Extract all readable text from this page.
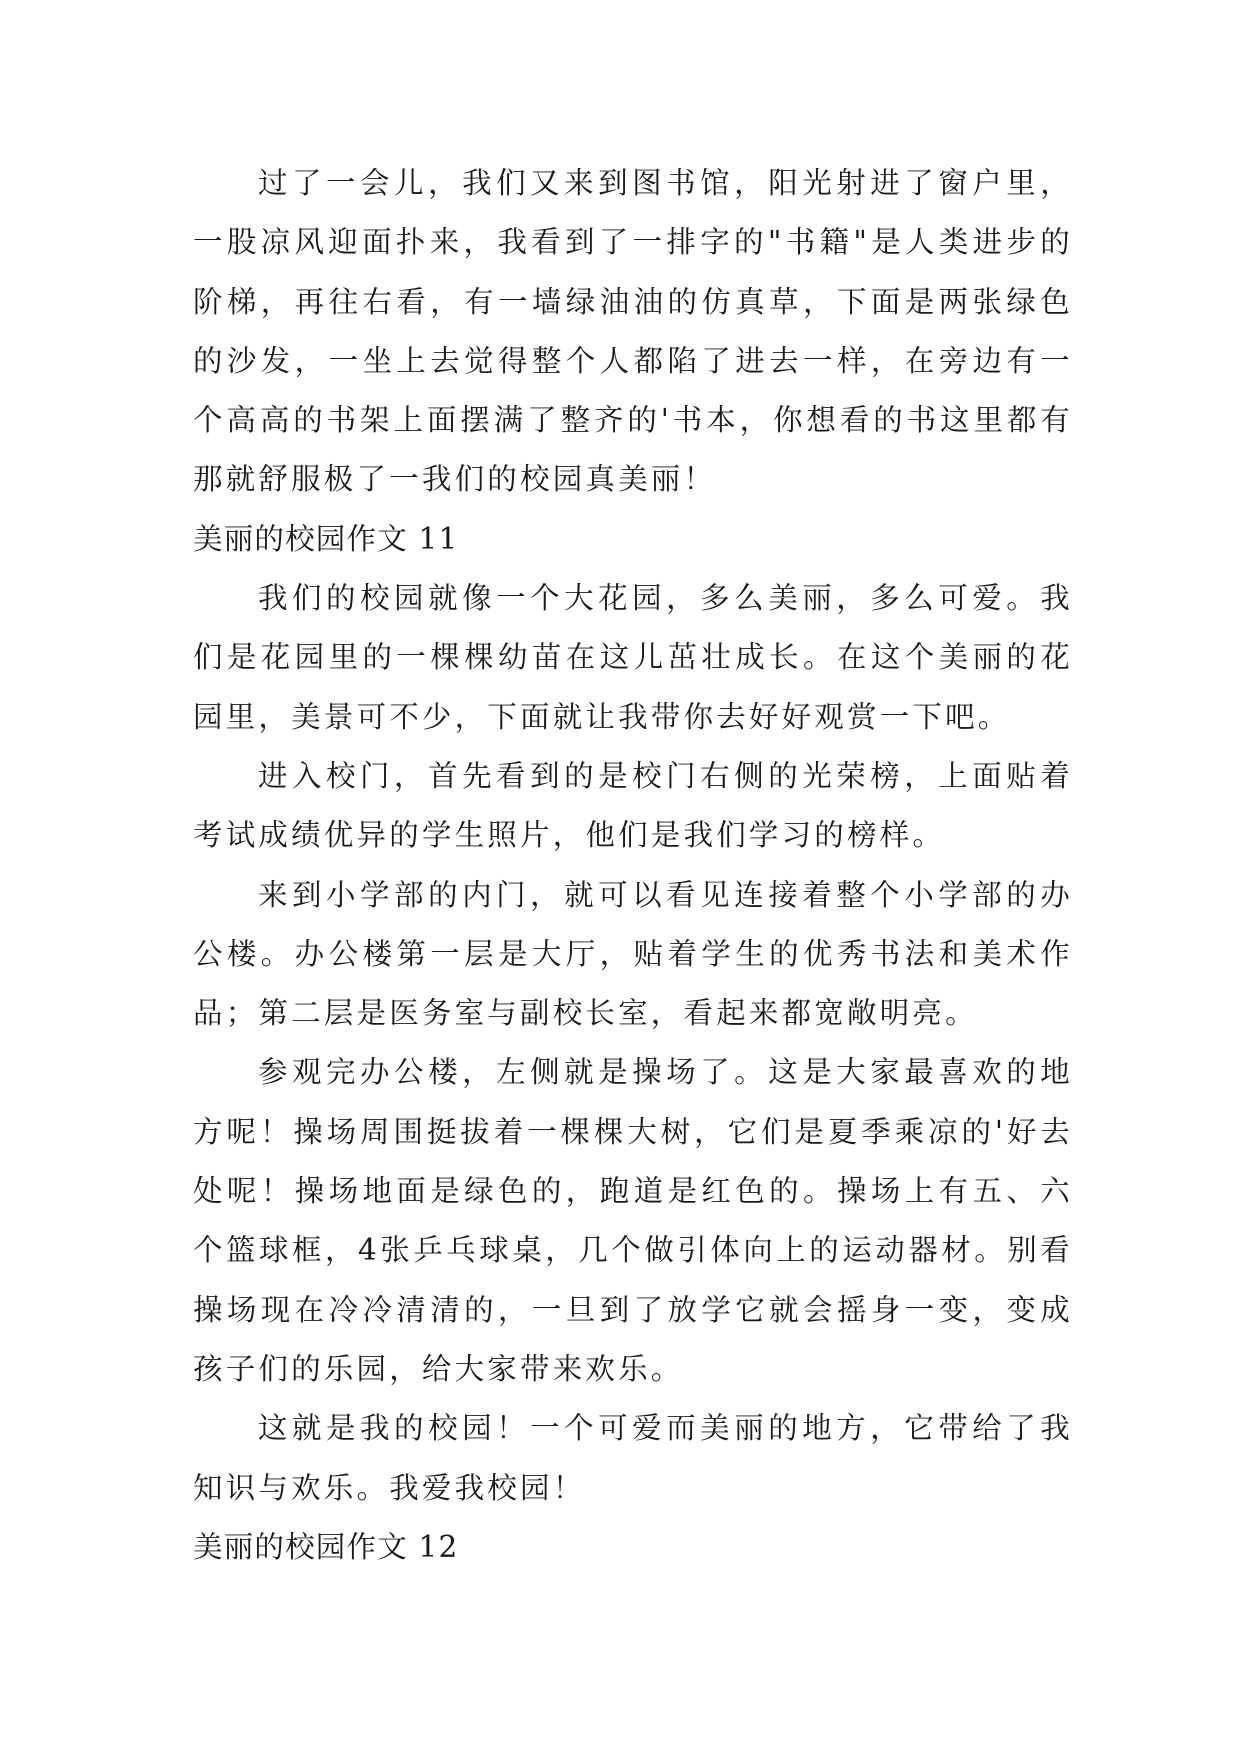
过了一会儿，我们又来到图书馆，阳光射进了窗户里，一股凉风迎面扑来，我看到了一排字的"书籍"是人类进步的阶梯，再往右看，有一墙绿油油的仿真草，下面是两张绿色的沙发，一坐上去觉得整个人都陷了进去一样，在旁边有一个高高的书架上面摆满了整齐的'书本，你想看的书这里都有那就舒服极了一我们的校园真美丽！

美丽的校园作文 11

我们的校园就像一个大花园，多么美丽，多么可爱。我们是花园里的一棵棵幼苗在这儿茁壮成长。在这个美丽的花园里，美景可不少，下面就让我带你去好好观赏一下吧。

进入校门，首先看到的是校门右侧的光荣榜，上面贴着考试成绩优异的学生照片，他们是我们学习的榜样。

来到小学部的内门，就可以看见连接着整个小学部的办公楼。办公楼第一层是大厅，贴着学生的优秀书法和美术作品；第二层是医务室与副校长室，看起来都宽敞明亮。

参观完办公楼，左侧就是操场了。这是大家最喜欢的地方呢！操场周围挺拔着一棵棵大树，它们是夏季乘凉的'好去处呢！操场地面是绿色的，跑道是红色的。操场上有五、六个篮球框，4张乒乓球桌，几个做引体向上的运动器材。别看操场现在冷冷清清的，一旦到了放学它就会摇身一变，变成孩子们的乐园，给大家带来欢乐。

这就是我的校园！一个可爱而美丽的地方，它带给了我知识与欢乐。我爱我校园！

美丽的校园作文 12
